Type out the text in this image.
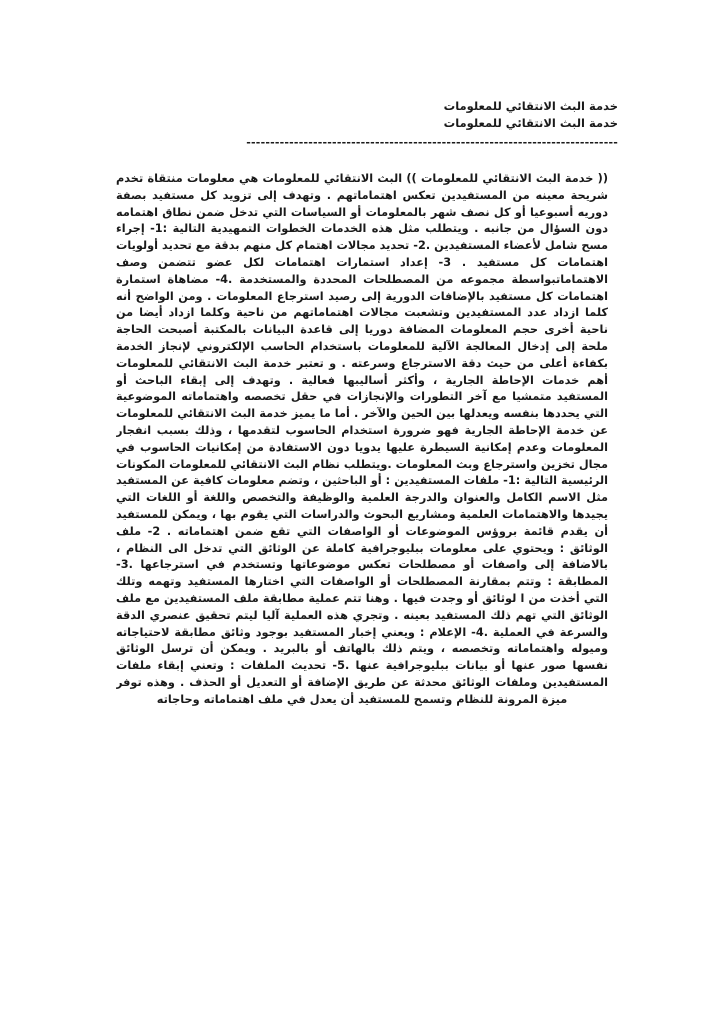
خدمة البث الانتقائي للمعلومات
خدمة البث الانتقائي للمعلومات
------------------------------------------------------------------------------
(( خدمة البث الانتقائي للمعلومات )) البث الانتقائي للمعلومات هي معلومات منتقاة تخدم شريحة معينه من المستفيدين تعكس اهتماماتهم . وتهدف إلى تزويد كل مستفيد بصفة دوريه أسبوعيا أو كل نصف شهر بالمعلومات أو السياسات التي تدخل ضمن نطاق اهتمامه دون السؤال من جانبه . ويتطلب مثل هذه الخدمات الخطوات التمهيدية التالية :1- إجراء مسح شامل لأعضاء المستفيدين .2- تحديد مجالات اهتمام كل منهم بدقة مع تحديد أولويات اهتمامات كل مستفيد . 3- إعداد استمارات اهتمامات لكل عضو تتضمن وصف الاهتماماتبواسطة مجموعه من المصطلحات المحددة والمستخدمة .4- مضاهاة استمارة اهتمامات كل مستفيد بالإضافات الدورية إلى رصيد استرجاع المعلومات . ومن الواضح أنه كلما ازداد عدد المستفيدين وتشعبت مجالات اهتماماتهم من ناحية وكلما ازداد أيضا من ناحية أخرى حجم المعلومات المضافة دوريا إلى قاعدة البيانات بالمكتبة أصبحت الحاجة ملحة إلى إدخال المعالجة الآلية للمعلومات باستخدام الحاسب الإلكتروني لإنجاز الخدمة بكفاءة أعلى من حيث دقة الاسترجاع وسرعته . و تعتبر خدمة البث الانتقائي للمعلومات أهم خدمات الإحاطة الجارية ، وأكثر أساليبها فعالية . وتهدف إلى إبقاء الباحث أو المستفيد متمشيا مع آخر التطورات والإنجازات في حقل تخصصه واهتماماته الموضوعية التي يحددها بنفسه ويعدلها بين الحين والآخر . أما ما يميز خدمة البث الانتقائي للمعلومات عن خدمة الإحاطة الجارية فهو ضرورة استخدام الحاسوب لتقدمها ، وذلك بسبب انفجار المعلومات وعدم إمكانية السيطرة عليها يدويا دون الاستفادة من إمكانيات الحاسوب في مجال تخزين واسترجاع وبث المعلومات .ويتطلب نظام البث الانتقائي للمعلومات المكونات الرئيسية التالية :1- ملفات المستفيدين : أو الباحثين ، وتضم معلومات كافية عن المستفيد مثل الاسم الكامل والعنوان والدرجة العلمية والوظيفة والتخصص واللغة أو اللغات التي يجيدها والاهتمامات العلمية ومشاريع البحوث والدراسات التي يقوم بها ، ويمكن للمستفيد أن يقدم قائمة بروؤس الموضوعات أو الواصفات التي تقع ضمن اهتماماته . 2- ملف الوثائق : ويحتوي على معلومات ببليوجرافية كاملة عن الوثائق التي تدخل الى النظام ، بالاضافة إلى واصفات أو مصطلحات تعكس موضوعاتها وتستخدم في استرجاعها .3- المطابقة : وتتم بمقارنة المصطلحات أو الواصفات التي اختارها المستفيد وتهمه وتلك التي أخذت من ا لوثائق أو وجدت فيها . وهنا تتم عملية مطابقة ملف المستفيدين مع ملف الوثائق التي تهم ذلك المستفيد بعينه . وتجري هذه العملية آليا ليتم تحقيق عنصري الدقة والسرعة في العملية .4- الإعلام : ويعني إخبار المستفيد بوجود وثائق مطابقة لاحتياجاته وميوله واهتماماته وتخصصه ، ويتم ذلك بالهاتف أو بالبريد . ويمكن أن ترسل الوثائق نفسها صور عنها أو بيانات ببليوجرافية عنها .5- تحديث الملفات : وتعني إبقاء ملفات المستفيدين وملفات الوثائق محدثة عن طريق الإضافة أو التعديل أو الحذف . وهذه توفر ميزة المرونة للنظام وتسمح للمستفيد أن يعدل في ملف اهتماماته وحاجاته
